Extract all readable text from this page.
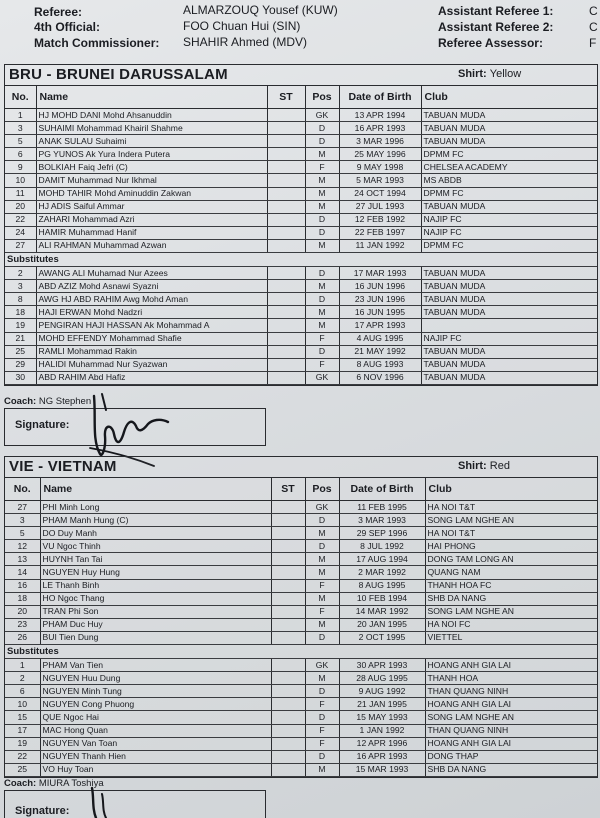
Referee:	ALMARZOUQ Yousef (KUW)
4th Official:	FOO Chuan Hui (SIN)
Match Commissioner: SHAHIR Ahmed (MDV)
Assistant Referee 1:	C
Assistant Referee 2:	C
Referee Assessor:	F
BRU - BRUNEI DARUSSALAM	Shirt: Yellow
No.	Name	ST	Pos	Date of Birth	Club
1	HJ MOHD DANI Mohd Ahsanuddin		GK	13 APR 1994	TABUAN MUDA
3	SUHAIMI Mohammad Khairil Shahme		D	16 APR 1993	TABUAN MUDA
5	ANAK SULAU Suhaimi		D	3 MAR 1996	TABUAN MUDA
6	PG YUNOS Ak Yura Indera Putera		M	25 MAY 1996	DPMM FC
9	BOLKIAH Faiq Jefri (C)		F	9 MAY 1998	CHELSEA ACADEMY
10	DAMIT Muhammad Nur Ikhmal		M	5 MAR 1993	MS ABDB
11	MOHD TAHIR Mohd Aminuddin Zakwan		M	24 OCT 1994	DPMM FC
20	HJ ADIS Saiful Ammar		M	27 JUL 1993	TABUAN MUDA
22	ZAHARI Mohammad Azri		D	12 FEB 1992	NAJIP FC
24	HAMIR Muhammad Hanif		D	22 FEB 1997	NAJIP FC
27	ALI RAHMAN Muhammad Azwan		M	11 JAN 1992	DPMM FC
Substitutes					
2	AWANG ALI Muhamad Nur Azees		D	17 MAR 1993	TABUAN MUDA
3	ABD AZIZ Mohd Asnawi Syazni		M	16 JUN 1996	TABUAN MUDA
8	AWG HJ ABD RAHIM Awg Mohd Aman		D	23 JUN 1996	TABUAN MUDA
18	HAJI ERWAN Mohd Nadzri		M	16 JUN 1995	TABUAN MUDA
19	PENGIRAN HAJI HASSAN Ak Mohammad A		M	17 APR 1993	
21	MOHD EFFENDY Mohammad Shafie		F	4 AUG 1995	NAJIP FC
25	RAMLI Mohammad Rakin		D	21 MAY 1992	TABUAN MUDA
29	HALIDI Muhammad Nur Syazwan		F	8 AUG 1993	TABUAN MUDA
30	ABD RAHIM Abd Hafiz		GK	6 NOV 1996	TABUAN MUDA
Coach: NG Stephen
Signature:
VIE - VIETNAM	Shirt: Red
No.	Name	ST	Pos	Date of Birth	Club
27	PHI Minh Long		GK	11 FEB 1995	HA NOI T&T
3	PHAM Manh Hung (C)		D	3 MAR 1993	SONG LAM NGHE AN
5	DO Duy Manh		M	29 SEP 1996	HA NOI T&T
12	VU Ngoc Thinh		D	8 JUL 1992	HAI PHONG
13	HUYNH Tan Tai		M	17 AUG 1994	DONG TAM LONG AN
14	NGUYEN Huy Hung		M	2 MAR 1992	QUANG NAM
16	LE Thanh Binh		F	8 AUG 1995	THANH HOA FC
18	HO Ngoc Thang		M	10 FEB 1994	SHB DA NANG
20	TRAN Phi Son		F	14 MAR 1992	SONG LAM NGHE AN
23	PHAM Duc Huy		M	20 JAN 1995	HA NOI FC
26	BUI Tien Dung		D	2 OCT 1995	VIETTEL
Substitutes					
1	PHAM Van Tien		GK	30 APR 1993	HOANG ANH GIA LAI
2	NGUYEN Huu Dung		M	28 AUG 1995	THANH HOA
6	NGUYEN Minh Tung		D	9 AUG 1992	THAN QUANG NINH
10	NGUYEN Cong Phuong		F	21 JAN 1995	HOANG ANH GIA LAI
15	QUE Ngoc Hai		D	15 MAY 1993	SONG LAM NGHE AN
17	MAC Hong Quan		F	1 JAN 1992	THAN QUANG NINH
19	NGUYEN Van Toan		F	12 APR 1996	HOANG ANH GIA LAI
22	NGUYEN Thanh Hien		D	16 APR 1993	DONG THAP
25	VO Huy Toan		M	15 MAR 1993	SHB DA NANG
Coach: MIURA Toshiya
Signature:
